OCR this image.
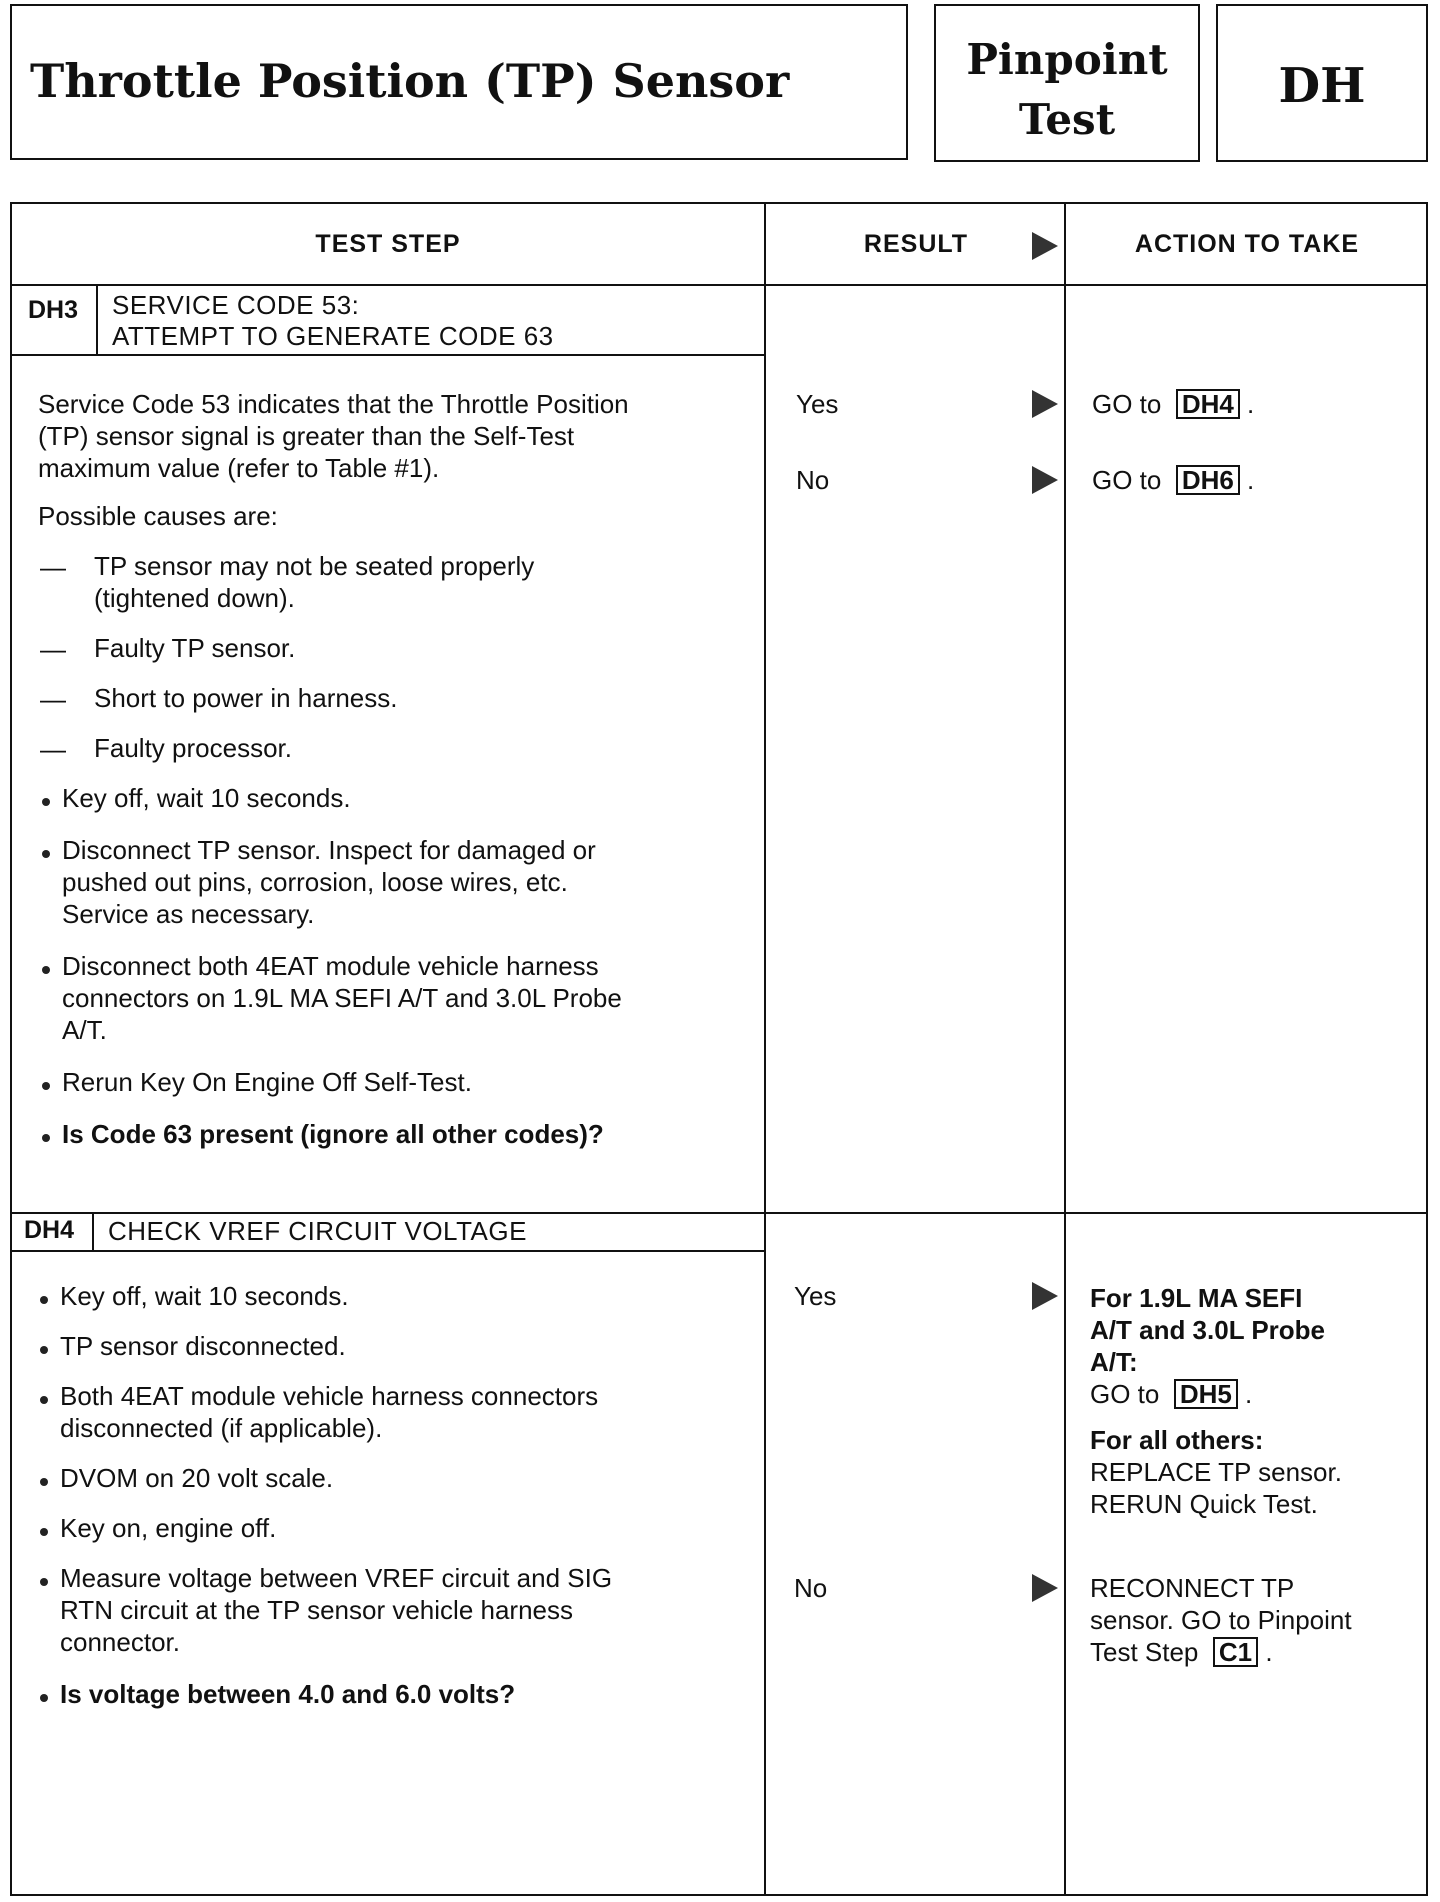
Throttle Position (TP) Sensor	Pinpoint
Test
DH
TEST STEP	RESULT	ACTION TO TAKE
DH3 SERVICE CODE 53:
ATTEMPT TO GENERATE CODE 63
Service Code 53 indicates that the Throttle Position
(TP) sensor signal is greater than the Self-Test
maximum value (refer to Table #1).
Possible causes are:
— TP sensor may not be seated properly
(tightened down).
— Faulty TP sensor.
— Short to power in harness.
— Faulty processor.
Key off, wait 10 seconds.
Disconnect TP sensor. Inspect for damaged or
pushed out pins, corrosion, loose wires, etc.
Service as necessary.
Disconnect both 4EAT module vehicle harness
connectors on 1.9L MA SEFI A/T and 3.0L Probe
A/T.
Rerun Key On Engine Off Self-Test.
Is Code 63 present (ignore all other codes)?
Yes	GO to DH4 .
No	GO to DH6 .
DH4 CHECK VREF CIRCUIT VOLTAGE
Key off, wait 10 seconds.
TP sensor disconnected.
Both 4EAT module vehicle harness connectors
disconnected (if applicable).
DVOM on 20 volt scale.
Key on, engine off.
Measure voltage between VREF circuit and SIG
RTN circuit at the TP sensor vehicle harness
connector.
Is voltage between 4.0 and 6.0 volts?
Yes	For 1.9L MA SEFI
A/T and 3.0L Probe
A/T:
GO to DH5 .
For all others:
REPLACE TP sensor.
RERUN Quick Test.
No	RECONNECT TP
sensor. GO to Pinpoint
Test Step C1 .
